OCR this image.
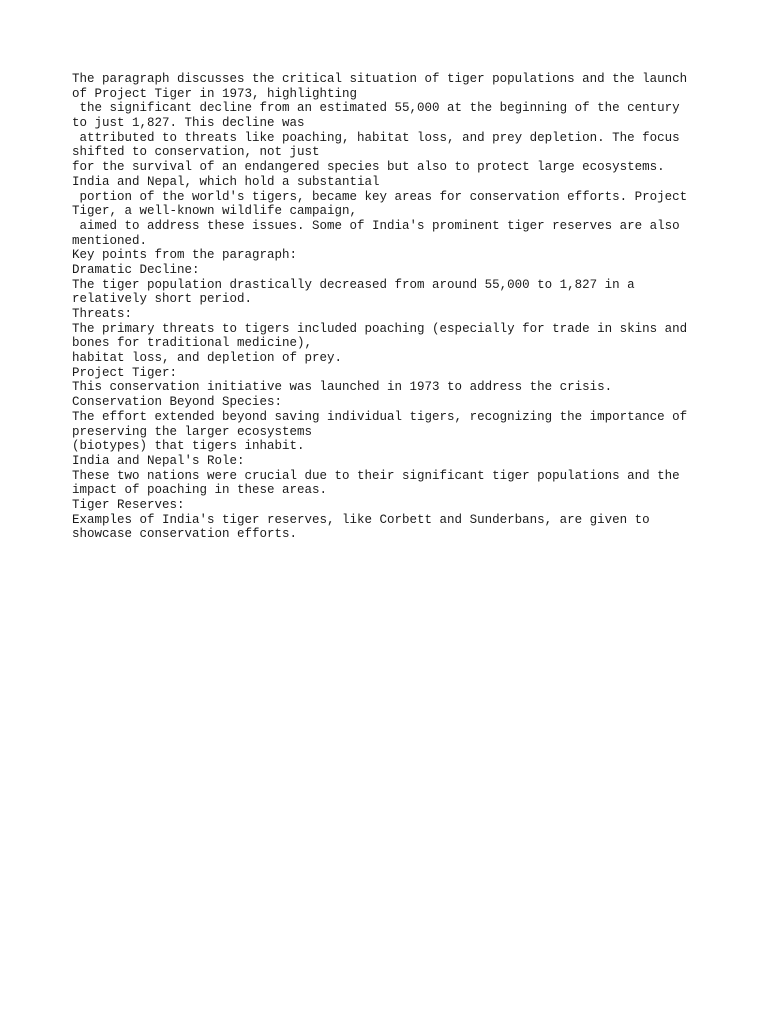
The paragraph discusses the critical situation of tiger populations and the launch
of Project Tiger in 1973, highlighting
the significant decline from an estimated 55,000 at the beginning of the century
to just 1,827. This decline was
attributed to threats like poaching, habitat loss, and prey depletion. The focus
shifted to conservation, not just
for the survival of an endangered species but also to protect large ecosystems.
India and Nepal, which hold a substantial
portion of the world's tigers, became key areas for conservation efforts. Project
Tiger, a well-known wildlife campaign,
aimed to address these issues. Some of India's prominent tiger reserves are also
mentioned.
Key points from the paragraph:
Dramatic Decline:
The tiger population drastically decreased from around 55,000 to 1,827 in a
relatively short period.
Threats:
The primary threats to tigers included poaching (especially for trade in skins and
bones for traditional medicine),
habitat loss, and depletion of prey.
Project Tiger:
This conservation initiative was launched in 1973 to address the crisis.
Conservation Beyond Species:
The effort extended beyond saving individual tigers, recognizing the importance of
preserving the larger ecosystems
(biotypes) that tigers inhabit.
India and Nepal's Role:
These two nations were crucial due to their significant tiger populations and the
impact of poaching in these areas.
Tiger Reserves:
Examples of India's tiger reserves, like Corbett and Sunderbans, are given to
showcase conservation efforts.
